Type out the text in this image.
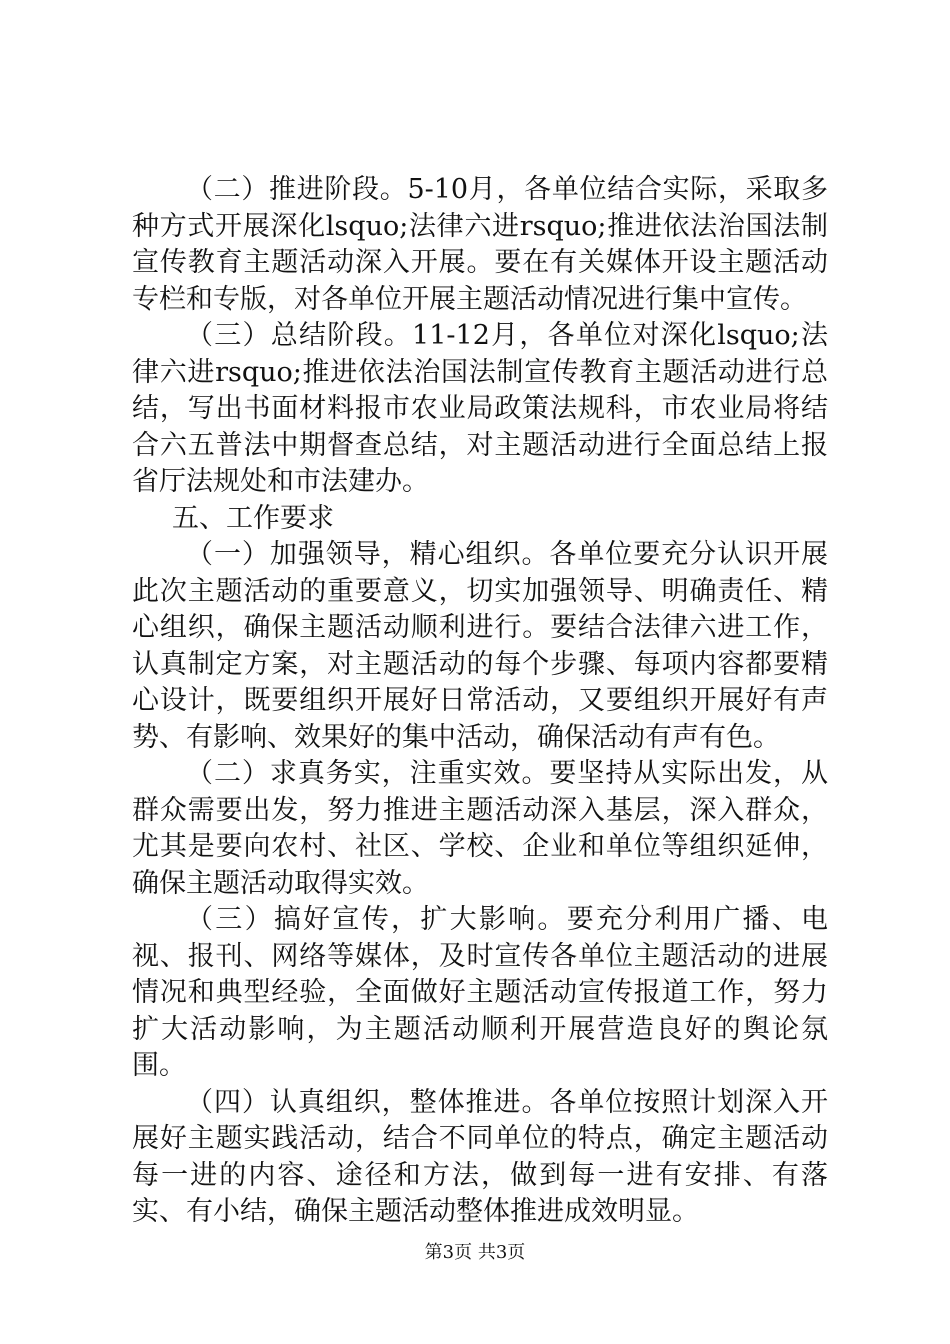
（二）推进阶段。5-10月，各单位结合实际，采取多种方式开展深化lsquo;法律六进rsquo;推进依法治国法制宣传教育主题活动深入开展。要在有关媒体开设主题活动专栏和专版，对各单位开展主题活动情况进行集中宣传。

（三）总结阶段。11-12月，各单位对深化lsquo;法律六进rsquo;推进依法治国法制宣传教育主题活动进行总结，写出书面材料报市农业局政策法规科，市农业局将结合六五普法中期督查总结，对主题活动进行全面总结上报省厅法规处和市法建办。

五、工作要求

（一）加强领导，精心组织。各单位要充分认识开展此次主题活动的重要意义，切实加强领导、明确责任、精心组织，确保主题活动顺利进行。要结合法律六进工作，认真制定方案，对主题活动的每个步骤、每项内容都要精心设计，既要组织开展好日常活动，又要组织开展好有声势、有影响、效果好的集中活动，确保活动有声有色。

（二）求真务实，注重实效。要坚持从实际出发，从群众需要出发，努力推进主题活动深入基层，深入群众，尤其是要向农村、社区、学校、企业和单位等组织延伸，确保主题活动取得实效。

（三）搞好宣传，扩大影响。要充分利用广播、电视、报刊、网络等媒体，及时宣传各单位主题活动的进展情况和典型经验，全面做好主题活动宣传报道工作，努力扩大活动影响，为主题活动顺利开展营造良好的舆论氛围。

（四）认真组织，整体推进。各单位按照计划深入开展好主题实践活动，结合不同单位的特点，确定主题活动每一进的内容、途径和方法，做到每一进有安排、有落实、有小结，确保主题活动整体推进成效明显。

第3页 共3页
